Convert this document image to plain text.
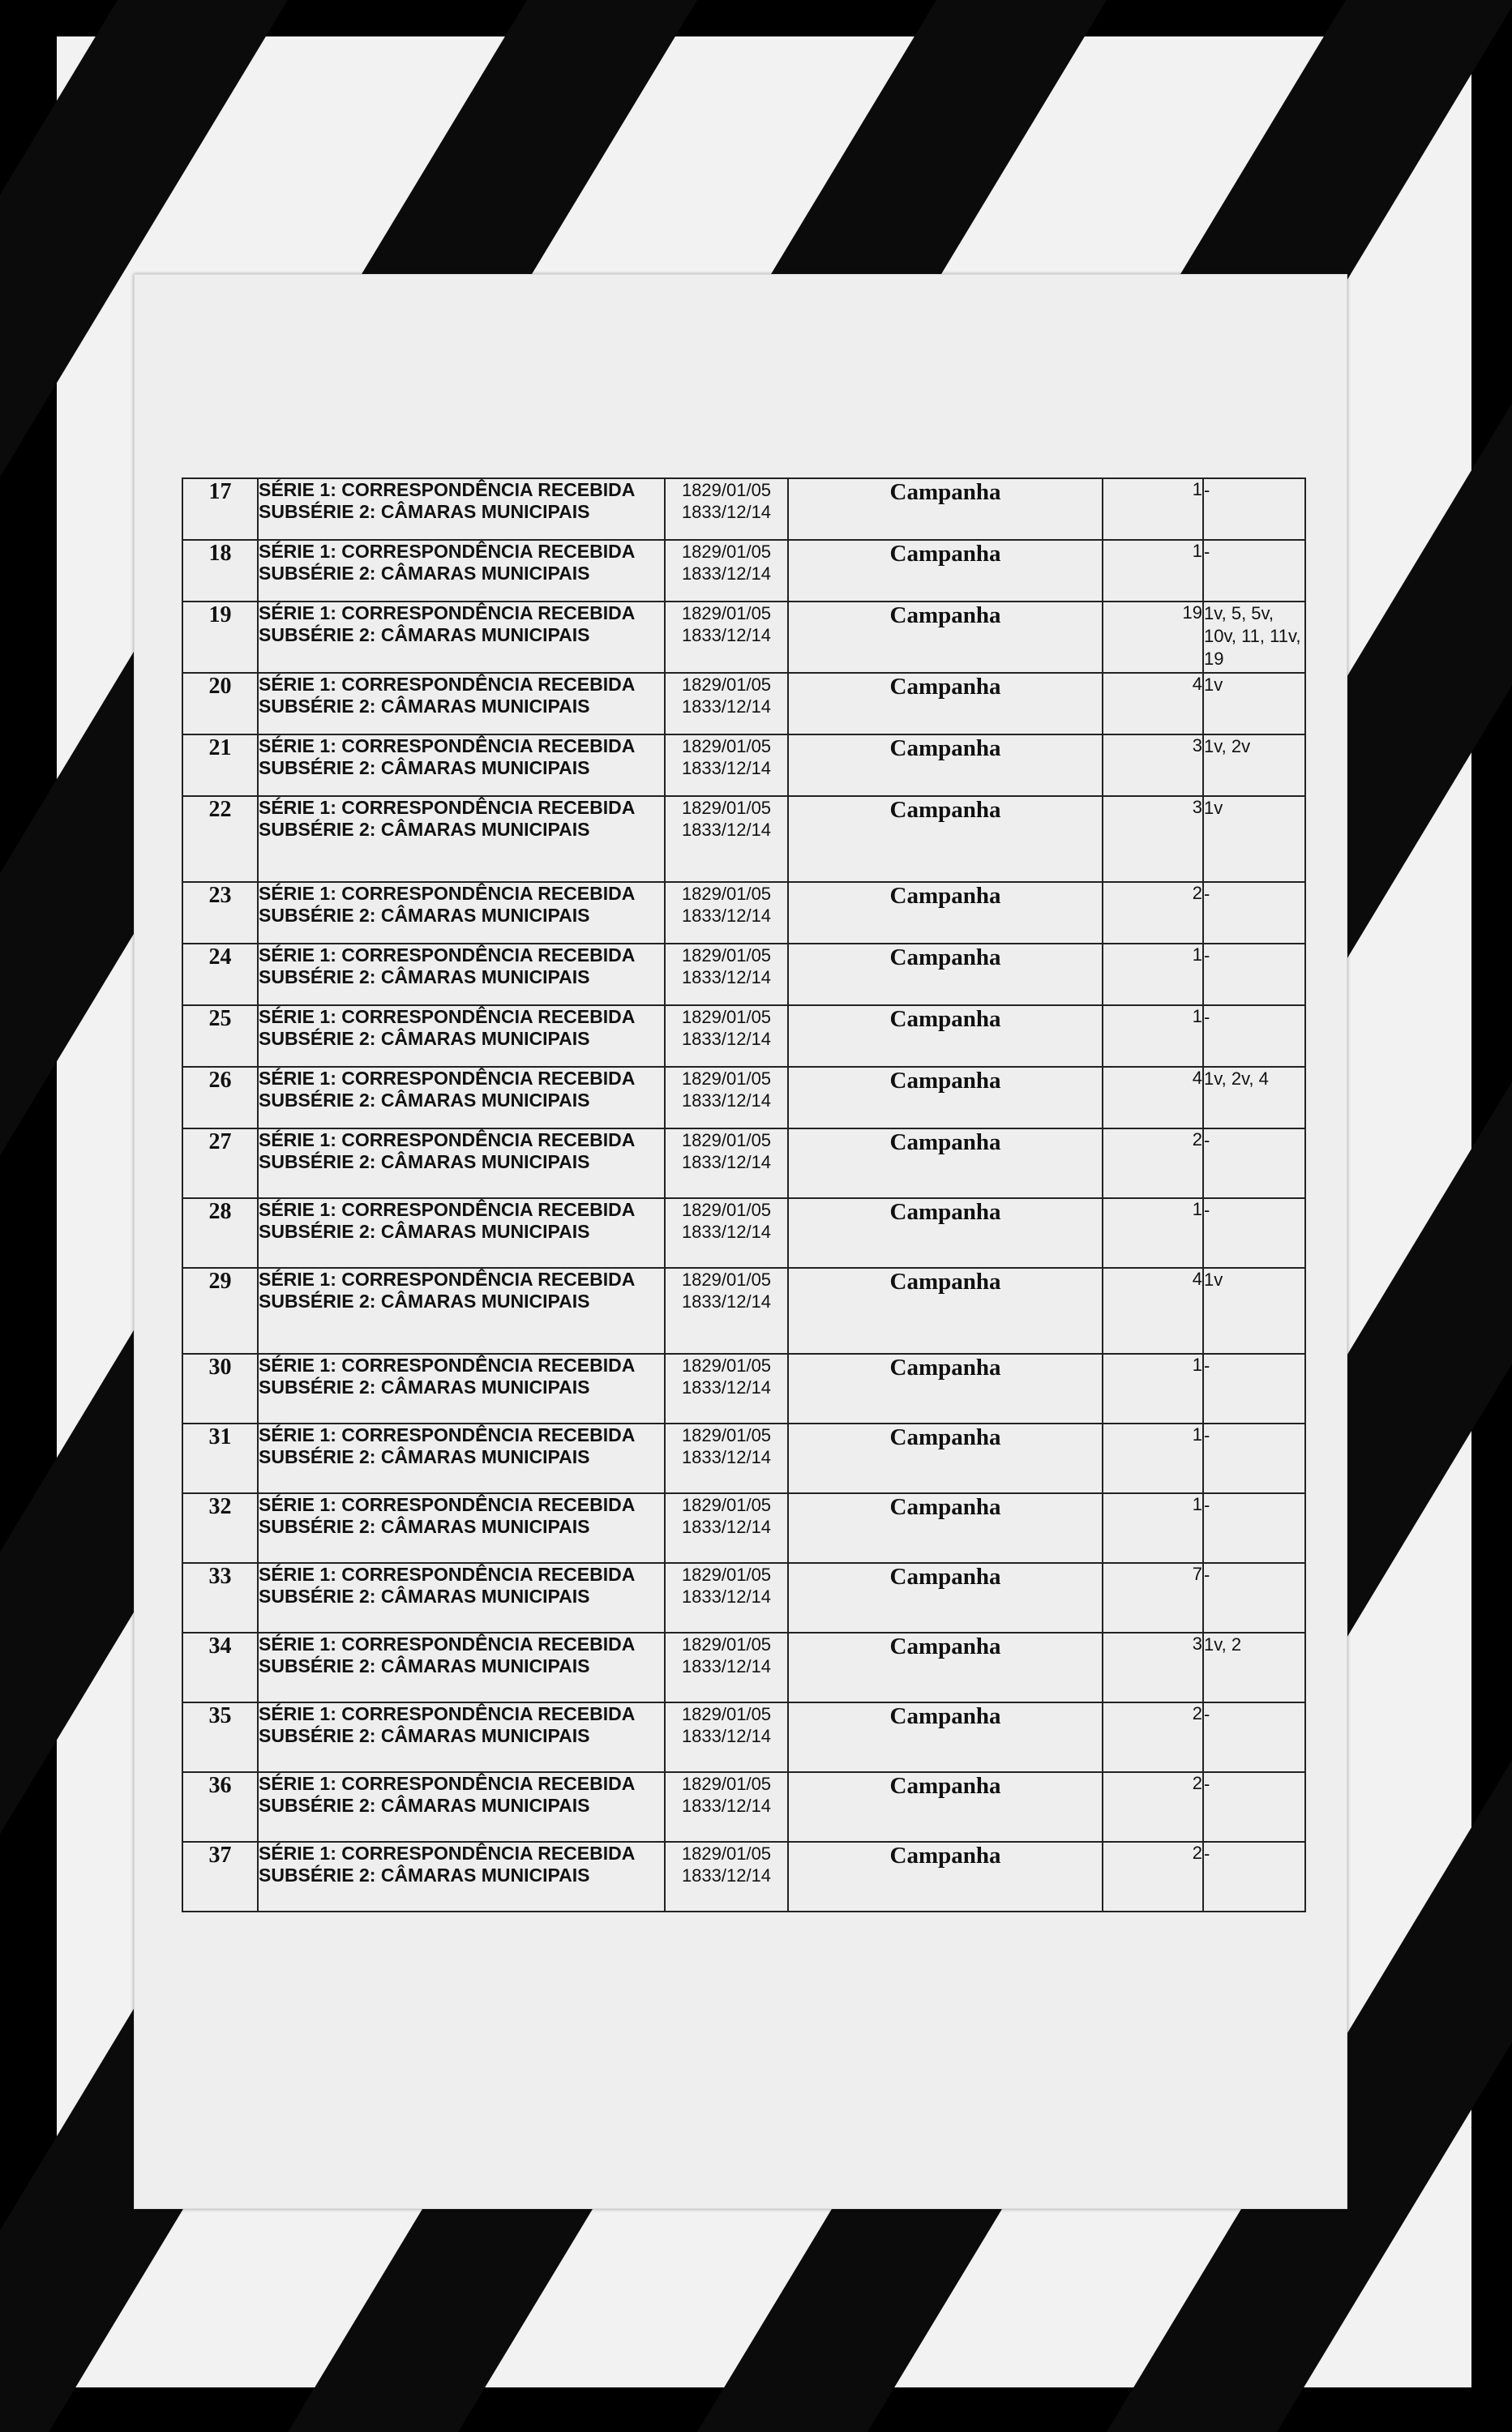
17	SÉRIE 1: CORRESPONDÊNCIA RECEBIDA
SUBSÉRIE 2: CÂMARAS MUNICIPAIS	1829/01/05
1833/12/14	Campanha	1	-
18	SÉRIE 1: CORRESPONDÊNCIA RECEBIDA
SUBSÉRIE 2: CÂMARAS MUNICIPAIS	1829/01/05
1833/12/14	Campanha	1	-
19	SÉRIE 1: CORRESPONDÊNCIA RECEBIDA
SUBSÉRIE 2: CÂMARAS MUNICIPAIS	1829/01/05
1833/12/14	Campanha	19	1v, 5, 5v, 10v, 11, 11v, 19
20	SÉRIE 1: CORRESPONDÊNCIA RECEBIDA
SUBSÉRIE 2: CÂMARAS MUNICIPAIS	1829/01/05
1833/12/14	Campanha	4	1v
21	SÉRIE 1: CORRESPONDÊNCIA RECEBIDA
SUBSÉRIE 2: CÂMARAS MUNICIPAIS	1829/01/05
1833/12/14	Campanha	3	1v, 2v
22	SÉRIE 1: CORRESPONDÊNCIA RECEBIDA
SUBSÉRIE 2: CÂMARAS MUNICIPAIS	1829/01/05
1833/12/14	Campanha	3	1v
23	SÉRIE 1: CORRESPONDÊNCIA RECEBIDA
SUBSÉRIE 2: CÂMARAS MUNICIPAIS	1829/01/05
1833/12/14	Campanha	2	-
24	SÉRIE 1: CORRESPONDÊNCIA RECEBIDA
SUBSÉRIE 2: CÂMARAS MUNICIPAIS	1829/01/05
1833/12/14	Campanha	1	-
25	SÉRIE 1: CORRESPONDÊNCIA RECEBIDA
SUBSÉRIE 2: CÂMARAS MUNICIPAIS	1829/01/05
1833/12/14	Campanha	1	-
26	SÉRIE 1: CORRESPONDÊNCIA RECEBIDA
SUBSÉRIE 2: CÂMARAS MUNICIPAIS	1829/01/05
1833/12/14	Campanha	4	1v, 2v, 4
27	SÉRIE 1: CORRESPONDÊNCIA RECEBIDA
SUBSÉRIE 2: CÂMARAS MUNICIPAIS	1829/01/05
1833/12/14	Campanha	2	-
28	SÉRIE 1: CORRESPONDÊNCIA RECEBIDA
SUBSÉRIE 2: CÂMARAS MUNICIPAIS	1829/01/05
1833/12/14	Campanha	1	-
29	SÉRIE 1: CORRESPONDÊNCIA RECEBIDA
SUBSÉRIE 2: CÂMARAS MUNICIPAIS	1829/01/05
1833/12/14	Campanha	4	1v
30	SÉRIE 1: CORRESPONDÊNCIA RECEBIDA
SUBSÉRIE 2: CÂMARAS MUNICIPAIS	1829/01/05
1833/12/14	Campanha	1	-
31	SÉRIE 1: CORRESPONDÊNCIA RECEBIDA
SUBSÉRIE 2: CÂMARAS MUNICIPAIS	1829/01/05
1833/12/14	Campanha	1	-
32	SÉRIE 1: CORRESPONDÊNCIA RECEBIDA
SUBSÉRIE 2: CÂMARAS MUNICIPAIS	1829/01/05
1833/12/14	Campanha	1	-
33	SÉRIE 1: CORRESPONDÊNCIA RECEBIDA
SUBSÉRIE 2: CÂMARAS MUNICIPAIS	1829/01/05
1833/12/14	Campanha	7	-
34	SÉRIE 1: CORRESPONDÊNCIA RECEBIDA
SUBSÉRIE 2: CÂMARAS MUNICIPAIS	1829/01/05
1833/12/14	Campanha	3	1v, 2
35	SÉRIE 1: CORRESPONDÊNCIA RECEBIDA
SUBSÉRIE 2: CÂMARAS MUNICIPAIS	1829/01/05
1833/12/14	Campanha	2	-
36	SÉRIE 1: CORRESPONDÊNCIA RECEBIDA
SUBSÉRIE 2: CÂMARAS MUNICIPAIS	1829/01/05
1833/12/14	Campanha	2	-
37	SÉRIE 1: CORRESPONDÊNCIA RECEBIDA
SUBSÉRIE 2: CÂMARAS MUNICIPAIS	1829/01/05
1833/12/14	Campanha	2	-
